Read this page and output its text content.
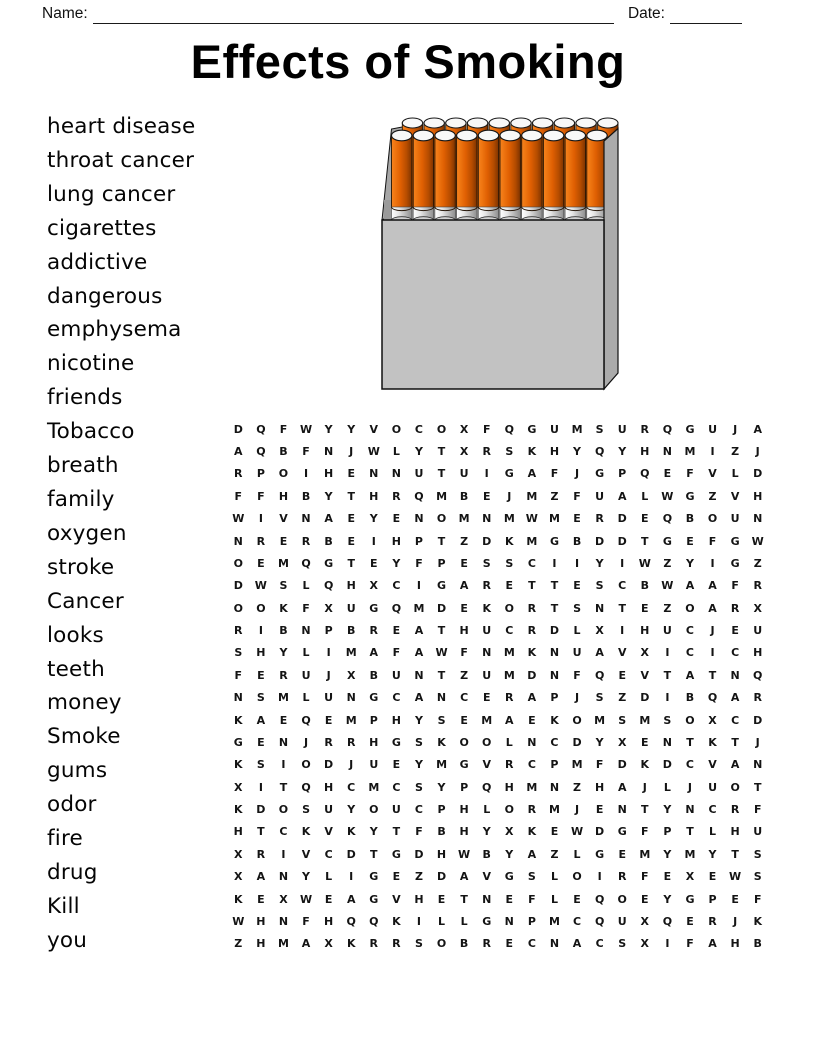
Name:	Date:
Effects of Smoking
heart disease
throat cancer
lung cancer
cigarettes
addictive
dangerous
emphysema
nicotine
friends
Tobacco
breath
family
oxygen
stroke
Cancer
looks
teeth
money
Smoke
gums
odor
fire
drug
Kill
you
D	Q	F	W	Y	Y	V	O	C	O	X	F	Q	G	U	M	S	U	R	Q	G	U	J	A
A	Q	B	F	N	J	W	L	Y	T	X	R	S	K	H	Y	Q	Y	H	N	M	I	Z	J
R	P	O	I	H	E	N	N	U	T	U	I	G	A	F	J	G	P	Q	E	F	V	L	D
F	F	H	B	Y	T	H	R	Q	M	B	E	J	M	Z	F	U	A	L	W	G	Z	V	H
W	I	V	N	A	E	Y	E	N	O	M	N	M	W	M	E	R	D	E	Q	B	O	U	N
N	R	E	R	B	E	I	H	P	T	Z	D	K	M	G	B	D	D	T	G	E	F	G	W
O	E	M	Q	G	T	E	Y	F	P	E	S	S	C	I	I	Y	I	W	Z	Y	I	G	Z
D	W	S	L	Q	H	X	C	I	G	A	R	E	T	T	E	S	C	B	W	A	A	F	R
O	O	K	F	X	U	G	Q	M	D	E	K	O	R	T	S	N	T	E	Z	O	A	R	X
R	I	B	N	P	B	R	E	A	T	H	U	C	R	D	L	X	I	H	U	C	J	E	U
S	H	Y	L	I	M	A	F	A	W	F	N	M	K	N	U	A	V	X	I	C	I	C	H
F	E	R	U	J	X	B	U	N	T	Z	U	M	D	N	F	Q	E	V	T	A	T	N	Q
N	S	M	L	U	N	G	C	A	N	C	E	R	A	P	J	S	Z	D	I	B	Q	A	R
K	A	E	Q	E	M	P	H	Y	S	E	M	A	E	K	O	M	S	M	S	O	X	C	D
G	E	N	J	R	R	H	G	S	K	O	O	L	N	C	D	Y	X	E	N	T	K	T	J
K	S	I	O	D	J	U	E	Y	M	G	V	R	C	P	M	F	D	K	D	C	V	A	N
X	I	T	Q	H	C	M	C	S	Y	P	Q	H	M	N	Z	H	A	J	L	J	U	O	T
K	D	O	S	U	Y	O	U	C	P	H	L	O	R	M	J	E	N	T	Y	N	C	R	F
H	T	C	K	V	K	Y	T	F	B	H	Y	X	K	E	W	D	G	F	P	T	L	H	U
X	R	I	V	C	D	T	G	D	H	W	B	Y	A	Z	L	G	E	M	Y	M	Y	T	S
X	A	N	Y	L	I	G	E	Z	D	A	V	G	S	L	O	I	R	F	E	X	E	W	S
K	E	X	W	E	A	G	V	H	E	T	N	E	F	L	E	Q	O	E	Y	G	P	E	F
W	H	N	F	H	Q	Q	K	I	L	L	G	N	P	M	C	Q	U	X	Q	E	R	J	K
Z	H	M	A	X	K	R	R	S	O	B	R	E	C	N	A	C	S	X	I	F	A	H	B
